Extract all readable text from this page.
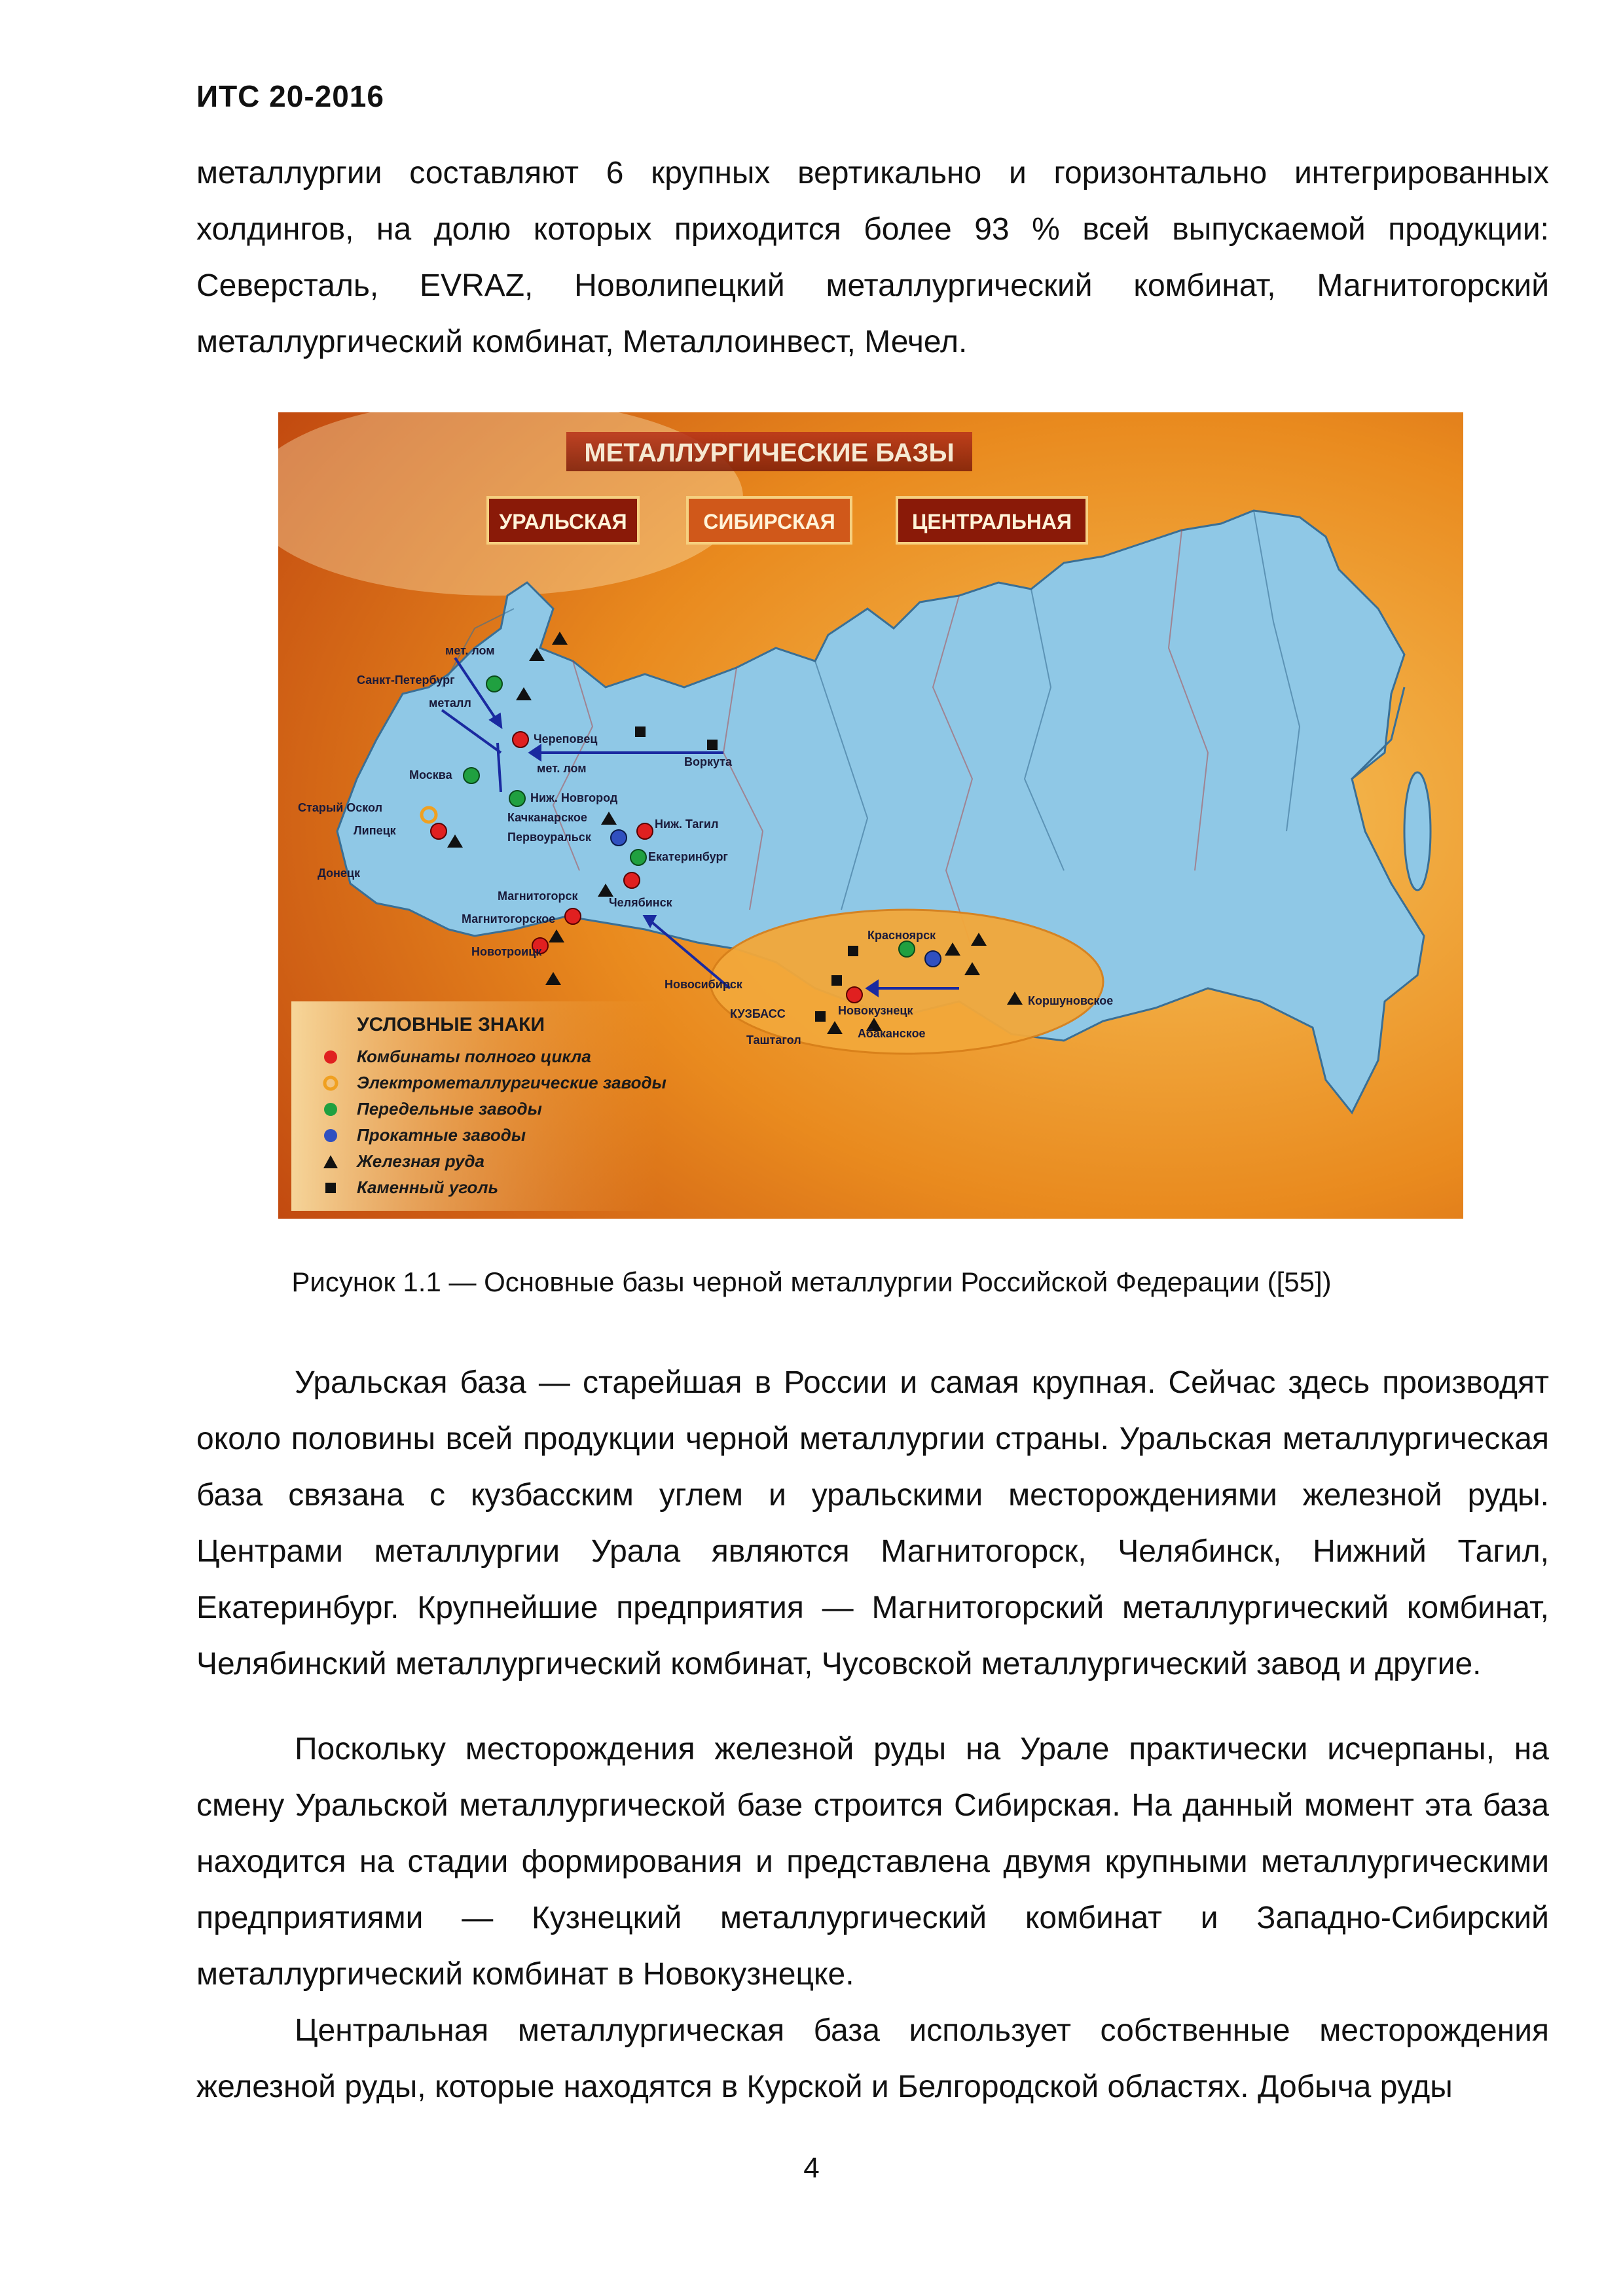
ИТС 20-2016

металлургии составляют 6 крупных вертикально и горизонтально интегрированных холдингов, на долю которых приходится более 93 % всей выпускаемой продукции: Северсталь, EVRAZ, Новолипецкий металлургический комбинат, Магнитогорский металлургический комбинат, Металлоинвест, Мечел.

МЕТАЛЛУРГИЧЕСКИЕ БАЗЫ
УРАЛЬСКАЯ	СИБИРСКАЯ	ЦЕНТРАЛЬНАЯ
мет. лом
Санкт-Петербург
металл
Череповец
мет. лом
Москва
Воркута
Старый Оскол
Липецк
Ниж. Новгород
Качканарское	Ниж. Тагил
Первоуральск
Екатеринбург
Донецк
Магнитогорск	Челябинск
Магнитогорское
Новотроицк
Новосибирск
Красноярск
КУЗБАСС	Новокузнецк
Коршуновское
Абаканское
Таштагол
УСЛОВНЫЕ ЗНАКИ
Комбинаты полного цикла
Электрометаллургические заводы
Передельные заводы
Прокатные заводы
Железная руда
Каменный уголь
Рисунок 1.1 — Основные базы черной металлургии Российской Федерации ([55])

Уральская база — старейшая в России и самая крупная. Сейчас здесь производят около половины всей продукции черной металлургии страны. Уральская металлургическая база связана с кузбасским углем и уральскими месторождениями железной руды. Центрами металлургии Урала являются Магнитогорск, Челябинск, Нижний Тагил, Екатеринбург. Крупнейшие предприятия — Магнитогорский металлургический комбинат, Челябинский металлургический комбинат, Чусовской металлургический завод и другие.

Поскольку месторождения железной руды на Урале практически исчерпаны, на смену Уральской металлургической базе строится Сибирская. На данный момент эта база находится на стадии формирования и представлена двумя крупными металлургическими предприятиями — Кузнецкий металлургический комбинат и Западно-Сибирский металлургический комбинат в Новокузнецке.

Центральная металлургическая база использует собственные месторождения железной руды, которые находятся в Курской и Белгородской областях. Добыча руды

4
